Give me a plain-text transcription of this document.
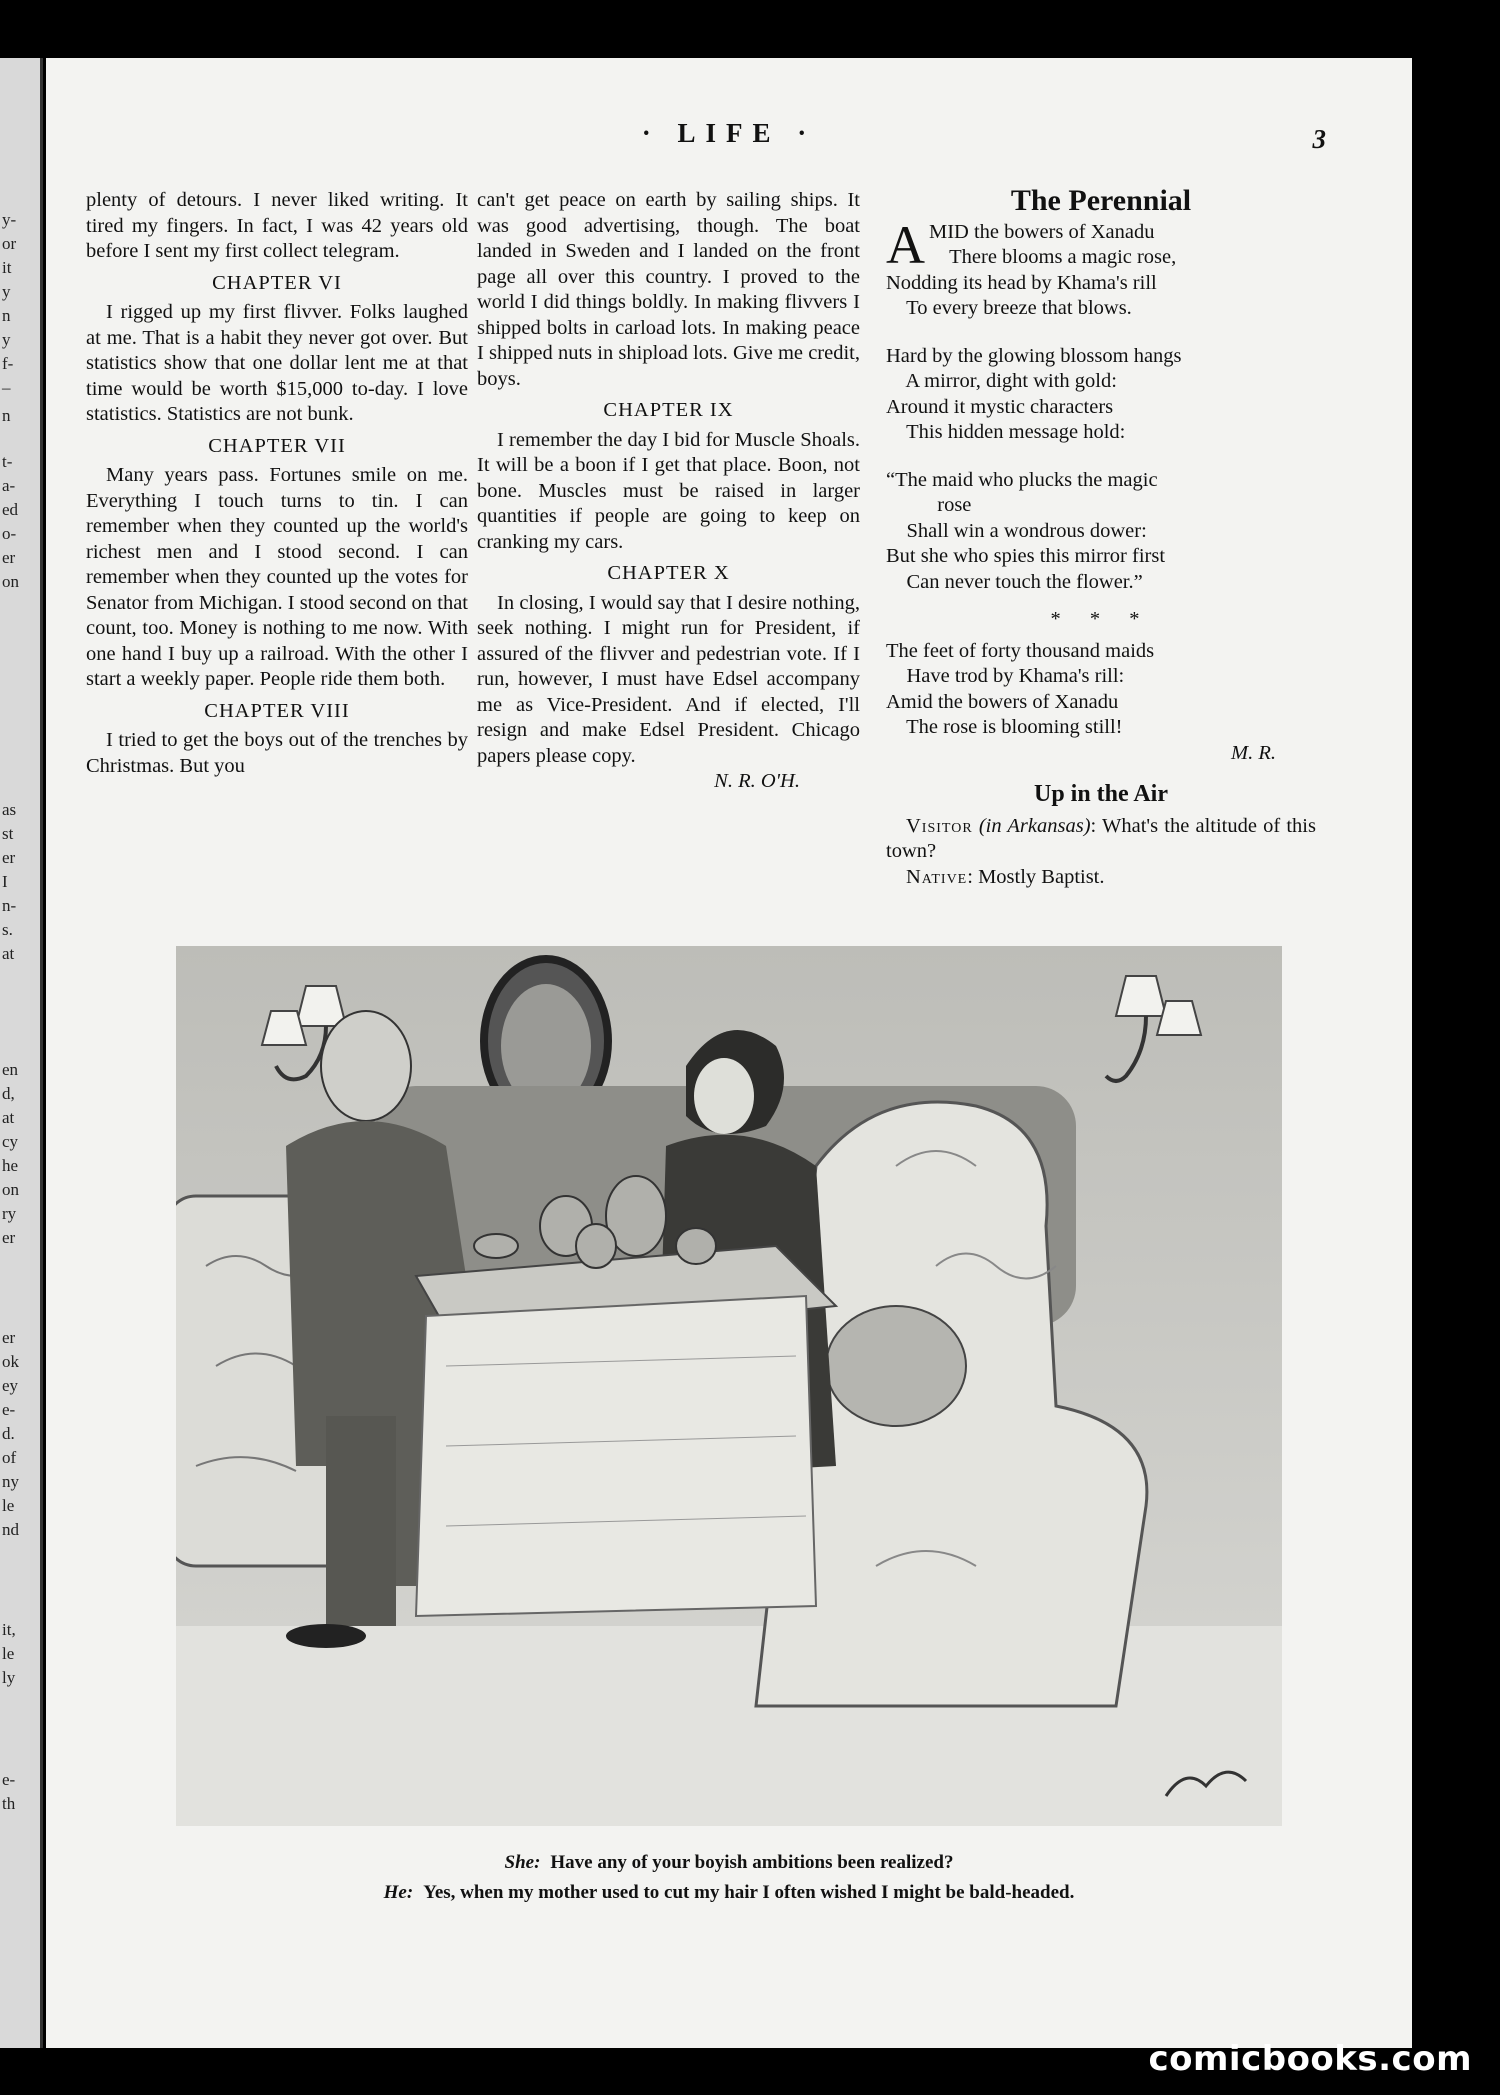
y-
or
it
y
n
y
f-
–
n
t-
a-
ed
o-
er
on
as
st
er
I
n-
s.
at
en
d,
at
cy
he
on
ry
er
er
ok
ey
e-
d.
of
ny
le
nd
it,
le
ly
e-
th
· LIFE ·	3

plenty of detours. I never liked writing. It tired my fingers. In fact, I was 42 years old before I sent my first collect telegram.

CHAPTER VI

I rigged up my first flivver. Folks laughed at me. That is a habit they never got over. But statistics show that one dollar lent me at that time would be worth $15,000 to-day. I love statistics. Statistics are not bunk.

CHAPTER VII

Many years pass. Fortunes smile on me. Everything I touch turns to tin. I can remember when they counted up the world's richest men and I stood second. I can remember when they counted up the votes for Senator from Michigan. I stood second on that count, too. Money is nothing to me now. With one hand I buy up a railroad. With the other I start a weekly paper. People ride them both.

CHAPTER VIII

I tried to get the boys out of the trenches by Christmas. But you

can't get peace on earth by sailing ships. It was good advertising, though. The boat landed in Sweden and I landed on the front page all over this country. I proved to the world I did things boldly. In making flivvers I shipped bolts in carload lots. In making peace I shipped nuts in shipload lots. Give me credit, boys.

CHAPTER IX

I remember the day I bid for Muscle Shoals. It will be a boon if I get that place. Boon, not bone. Muscles must be raised in larger quantities if people are going to keep on cranking my cars.

CHAPTER X

In closing, I would say that I desire nothing, seek nothing. I might run for President, if assured of the flivver and pedestrian vote. If I run, however, I must have Edsel accompany me as Vice-President. And if elected, I'll resign and make Edsel President. Chicago papers please copy.

N. R. O'H.
The Perennial
A MID the bowers of Xanadu
There blooms a magic rose,
Nodding its head by Khama's rill
To every breeze that blows.
Hard by the glowing blossom hangs
A mirror, dight with gold:
Around it mystic characters
This hidden message hold:
“The maid who plucks the magic
rose
Shall win a wondrous dower:
But she who spies this mirror first
Can never touch the flower.”
* * *
The feet of forty thousand maids
Have trod by Khama's rill:
Amid the bowers of Xanadu
The rose is blooming still!
M. R.
Up in the Air

Visitor (in Arkansas): What's the altitude of this town?

Native: Mostly Baptist.

She: Have any of your boyish ambitions been realized?
He: Yes, when my mother used to cut my hair I often wished I might be bald-headed.
comicbooks.com
